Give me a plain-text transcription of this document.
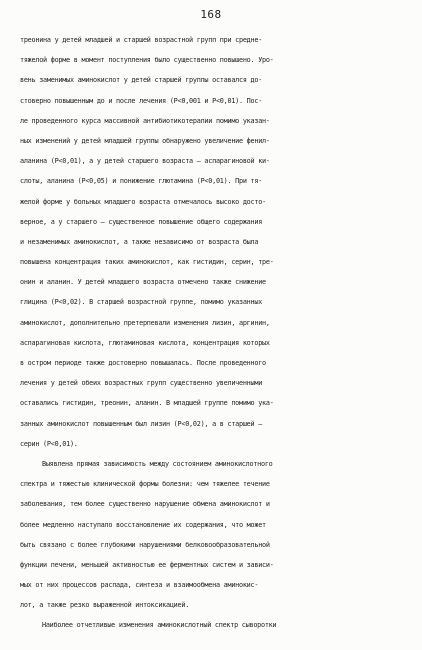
168
треонина у детей младшей и старшей возрастной групп при средне-
тяжелой форме в момент поступления было существенно повышено. Уро-
вень заменимых аминокислот у детей старшей группы оставался до-
стоверно повышенным до и после лечения (Р<0,001 и Р<0,01). Пос-
ле проведенного курса массивной антибиотикотерапии помимо указан-
ных изменений у детей младшей группы обнаружено увеличение фенил-
аланина (Р<0,01), а у детей старшего возраста – аспарагиновой ки-
слоты, аланина (Р<0,05) и понижение глютамина (Р<0,01). При тя-
желой форме у больных младшего возраста отмечалось высоко досто-
верное, а у старшего – существенное повышение общего содержания
и незаменимых аминокислот, а также независимо от возраста была
повышена концентрация таких аминокислот, как гистидин, серин, тре-
онин и аланин. У детей младшего возраста отмечено также снижение
глицина (Р<0,02). В старшей возрастной группе, помимо указанных
аминокислот, дополнительно претерпевали изменения лизин, аргинин,
аспарагиновая кислота, глютаминовая кислота, концентрация которых
в остром периоде также достоверно повышалась. После проведенного
лечения у детей обеих возрастных групп существенно увеличенными
оставались гистидин, треонин, аланин. В младшей группе помимо ука-
занных аминокислот повышенным был лизин (Р<0,02), а в старшей –
серин (Р<0,01).
Выявлена прямая зависимость между состоянием аминокислотного
спектра и тяжестью клинической формы болезни: чем тяжелее течение
заболевания, тем более существенно нарушение обмена аминокислот и
более медленно наступало восстановление их содержания, что может
быть связано с более глубокими нарушениями белковообразовательной
функции печени, меньшей активностью ее ферментных систем и зависи-
мых от них процессов распада, синтеза и взаимообмена аминокис-
лот, а также резко выраженной интоксикацией.
Наиболее отчетливые изменения аминокислотный спектр сыворотки
